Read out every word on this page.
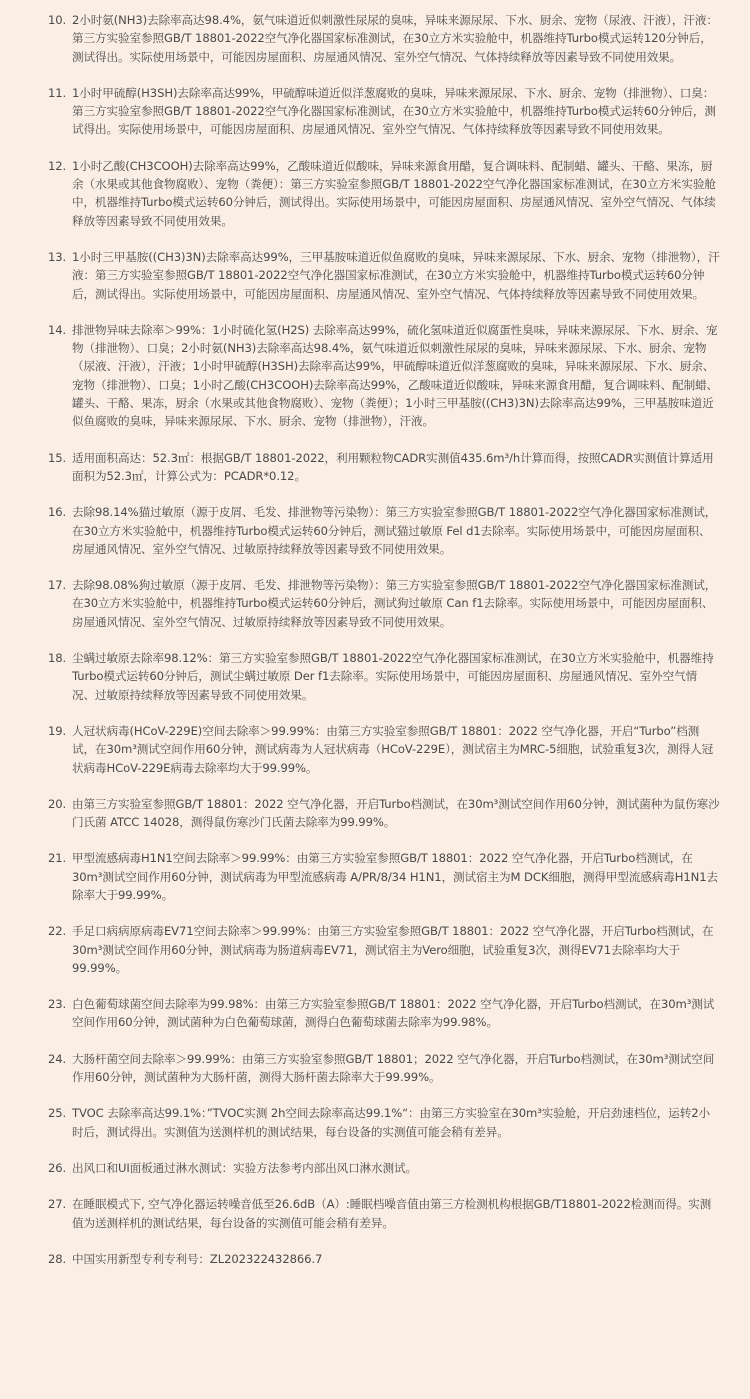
10. 2小时氨(NH3)去除率高达98.4%，氨气味道近似刺激性尿尿的臭味，异味来源尿尿、下水、厨余、宠物（尿液、汗液），汗液：第三方实验室参照GB/T 18801-2022空气净化器国家标准测试，在30立方米实验舱中，机器维持Turbo模式运转120分钟后，测试得出。实际使用场景中，可能因房屋面积、房屋通风情况、室外空气情况、气体持续释放等因素导致不同使用效果。
11. 1小时甲硫醇(H3SH)去除率高达99%，甲硫醇味道近似洋葱腐败的臭味，异味来源尿尿、下水、厨余、宠物（排泄物）、口臭：第三方实验室参照GB/T 18801-2022空气净化器国家标准测试，在30立方米实验舱中，机器维持Turbo模式运转60分钟后，测试得出。实际使用场景中，可能因房屋面积、房屋通风情况、室外空气情况、气体持续释放等因素导致不同使用效果。
12. 1小时乙酸(CH3COOH)去除率高达99%，乙酸味道近似酸味，异味来源食用醋，复合调味料、配制蜡、罐头、干酪、果冻，厨余（水果或其他食物腐败）、宠物（粪便）：第三方实验室参照GB/T 18801-2022空气净化器国家标准测试，在30立方米实验舱中，机器维持Turbo模式运转60分钟后，测试得出。实际使用场景中，可能因房屋面积、房屋通风情况、室外空气情况、气体续释放等因素导致不同使用效果。
13. 1小时三甲基胺((CH3)3N)去除率高达99%，三甲基胺味道近似鱼腐败的臭味，异味来源尿尿、下水、厨余、宠物（排泄物），汗液：第三方实验室参照GB/T 18801-2022空气净化器国家标准测试，在30立方米实验舱中，机器维持Turbo模式运转60分钟后，测试得出。实际使用场景中，可能因房屋面积、房屋通风情况、室外空气情况、气体持续释放等因素导致不同使用效果。
14. 排泄物异味去除率＞99%：1小时硫化氢(H2S) 去除率高达99%，硫化氢味道近似腐蛋性臭味，异味来源尿尿、下水、厨余、宠物（排泄物）、口臭；2小时氨(NH3)去除率高达98.4%，氨气味道近似刺激性尿尿的臭味，异味来源尿尿、下水、厨余、宠物（尿液、汗液），汗液；1小时甲硫醇(H3SH)去除率高达99%，甲硫醇味道近似洋葱腐败的臭味，异味来源尿尿、下水、厨余、宠物（排泄物）、口臭；1小时乙酸(CH3COOH)去除率高达99%，乙酸味道近似酸味，异味来源食用醋，复合调味料、配制蜡、罐头、干酪、果冻，厨余（水果或其他食物腐败）、宠物（粪便）；1小时三甲基胺((CH3)3N)去除率高达99%，三甲基胺味道近似鱼腐败的臭味，异味来源尿尿、下水、厨余、宠物（排泄物），汗液。
15. 适用面积高达：52.3㎡：根据GB/T 18801-2022，利用颗粒物CADR实测值435.6m³/h计算而得，按照CADR实测值计算适用面积为52.3㎡，计算公式为：PCADR*0.12。
16. 去除98.14%猫过敏原（源于皮屑、毛发、排泄物等污染物）：第三方实验室参照GB/T 18801-2022空气净化器国家标准测试，在30立方米实验舱中，机器维持Turbo模式运转60分钟后，测试猫过敏原 Fel d1去除率。实际使用场景中，可能因房屋面积、房屋通风情况、室外空气情况、过敏原持续释放等因素导致不同使用效果。
17. 去除98.08%狗过敏原（源于皮屑、毛发、排泄物等污染物）：第三方实验室参照GB/T 18801-2022空气净化器国家标准测试，在30立方米实验舱中，机器维持Turbo模式运转60分钟后，测试狗过敏原 Can f1去除率。实际使用场景中，可能因房屋面积、房屋通风情况、室外空气情况、过敏原持续释放等因素导致不同使用效果。
18. 尘螨过敏原去除率98.12%：第三方实验室参照GB/T 18801-2022空气净化器国家标准测试，在30立方米实验舱中，机器维持Turbo模式运转60分钟后，测试尘螨过敏原 Der f1去除率。实际使用场景中，可能因房屋面积、房屋通风情况、室外空气情况、过敏原持续释放等因素导致不同使用效果。
19. 人冠状病毒(HCoV-229E)空间去除率＞99.99%：由第三方实验室参照GB/T 18801：2022 空气净化器，开启“Turbo”档测试，在30m³测试空间作用60分钟，测试病毒为人冠状病毒（HCoV-229E），测试宿主为MRC-5细胞，试验重复3次，测得人冠状病毒HCoV-229E病毒去除率均大于99.99%。
20. 由第三方实验室参照GB/T 18801：2022 空气净化器，开启Turbo档测试，在30m³测试空间作用60分钟，测试菌种为鼠伤寒沙门氏菌 ATCC 14028，测得鼠伤寒沙门氏菌去除率为99.99%。
21. 甲型流感病毒H1N1空间去除率＞99.99%：由第三方实验室参照GB/T 18801：2022 空气净化器，开启Turbo档测试，在30m³测试空间作用60分钟，测试病毒为甲型流感病毒 A/PR/8/34 H1N1，测试宿主为M DCK细胞，测得甲型流感病毒H1N1去除率大于99.99%。
22. 手足口病病原病毒EV71空间去除率＞99.99%：由第三方实验室参照GB/T 18801：2022 空气净化器，开启Turbo档测试，在30m³测试空间作用60分钟，测试病毒为肠道病毒EV71，测试宿主为Vero细胞，试验重复3次，测得EV71去除率均大于99.99%。
23. 白色葡萄球菌空间去除率为99.98%：由第三方实验室参照GB/T 18801：2022 空气净化器，开启Turbo档测试，在30m³测试空间作用60分钟，测试菌种为白色葡萄球菌，测得白色葡萄球菌去除率为99.98%。
24. 大肠杆菌空间去除率＞99.99%：由第三方实验室参照GB/T 18801；2022 空气净化器，开启Turbo档测试，在30m³测试空间作用60分钟，测试菌种为大肠杆菌，测得大肠杆菌去除率大于99.99%。
25. TVOC 去除率高达99.1%：”TVOC实测 2h空间去除率高达99.1%“：由第三方实验室在30m³实验舱，开启劲速档位，运转2小时后，测试得出。实测值为送测样机的测试结果，每台设备的实测值可能会稍有差异。
26. 出风口和UI面板通过淋水测试：实验方法参考内部出风口淋水测试。
27. 在睡眠模式下, 空气净化器运转噪音低至26.6dB（A）:睡眠档噪音值由第三方检测机构根据GB/T18801-2022检测而得。实测值为送测样机的测试结果，每台设备的实测值可能会稍有差异。
28. 中国实用新型专利专利号：ZL202322432866.7
